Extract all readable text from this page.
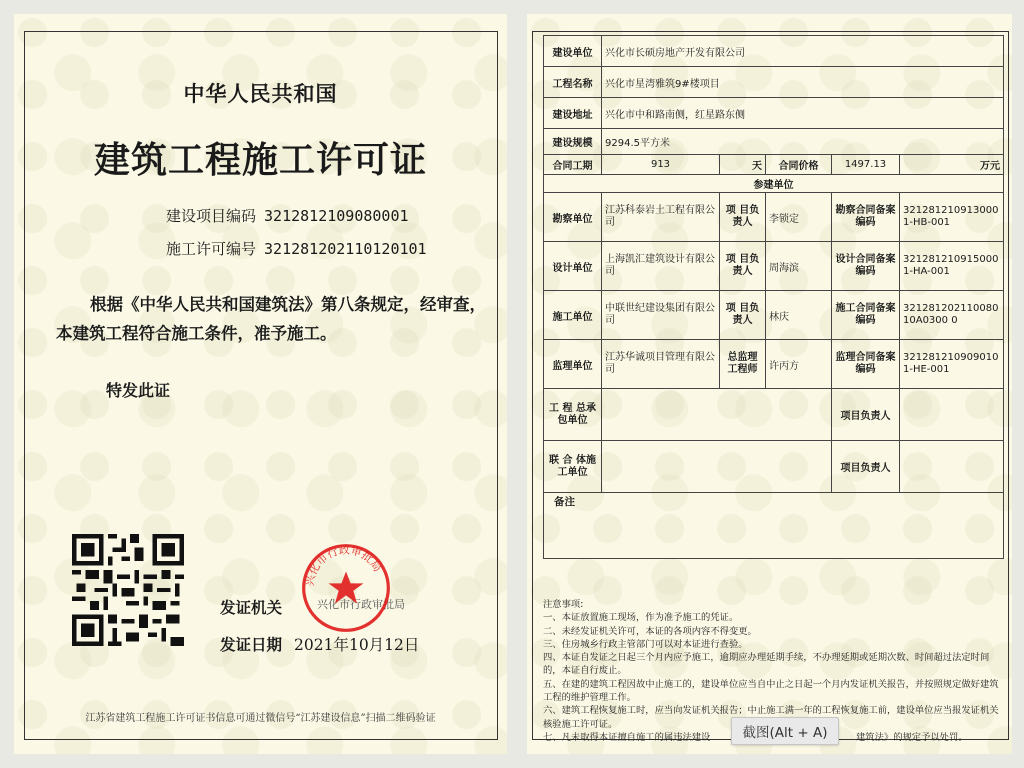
中华人民共和国
建筑工程施工许可证
建设项目编码 3212812109080001
施工许可编号 321281202110120101
根据《中华人民共和国建筑法》第八条规定，经审查，本建筑工程符合施工条件，准予施工。
特发此证
发证机关	兴化市行政审批局
兴化市行政审批局
发证日期 2021年10月12日
江苏省建筑工程施工许可证书信息可通过微信号“江苏建设信息”扫描二维码验证
建设单位	兴化市长硕房地产开发有限公司				
工程名称	兴化市星湾雅筑9#楼项目				
建设地址	兴化市中和路南侧，红星路东侧				
建设规模	9294.5平方米				
合同工期	913	天	合同价格	1497.13	万元
参建单位					
勘察单位	江苏科泰岩土工程有限公司	项 目负责人	李锁定	勘察合同备案编码	3212812109130001-HB-001
设计单位	上海凯汇建筑设计有限公司	项 目负责人	周海滨	设计合同备案编码	3212812109150001-HA-001
施工单位	中联世纪建设集团有限公司	项 目负责人	林庆	施工合同备案编码	32128120211008010A0300 0
监理单位	江苏华诚项目管理有限公司	总监理工程师	许丙方	监理合同备案编码	3212812109090101-HE-001
工 程 总承包单位				项目负责人	
联 合 体施工单位				项目负责人	
备注					
注意事项:
一、本证放置施工现场，作为准予施工的凭证。
二、未经发证机关许可，本证的各项内容不得变更。
三、住房城乡行政主管部门可以对本证进行查验。
四、本证自发证之日起三个月内应予施工，逾期应办理延期手续，不办理延期或延期次数、时间超过法定时间的，本证自行废止。
五、在建的建筑工程因故中止施工的，建设单位应当自中止之日起一个月内发证机关报告，并按照规定做好建筑工程的维护管理工作。
六、建筑工程恢复施工时，应当向发证机关报告；中止施工满一年的工程恢复施工前，建设单位应当报发证机关核验施工许可证。
七、凡未取得本证擅自施工的属违法建设	建筑法》的规定予以处罚。
截图(Alt + A)
